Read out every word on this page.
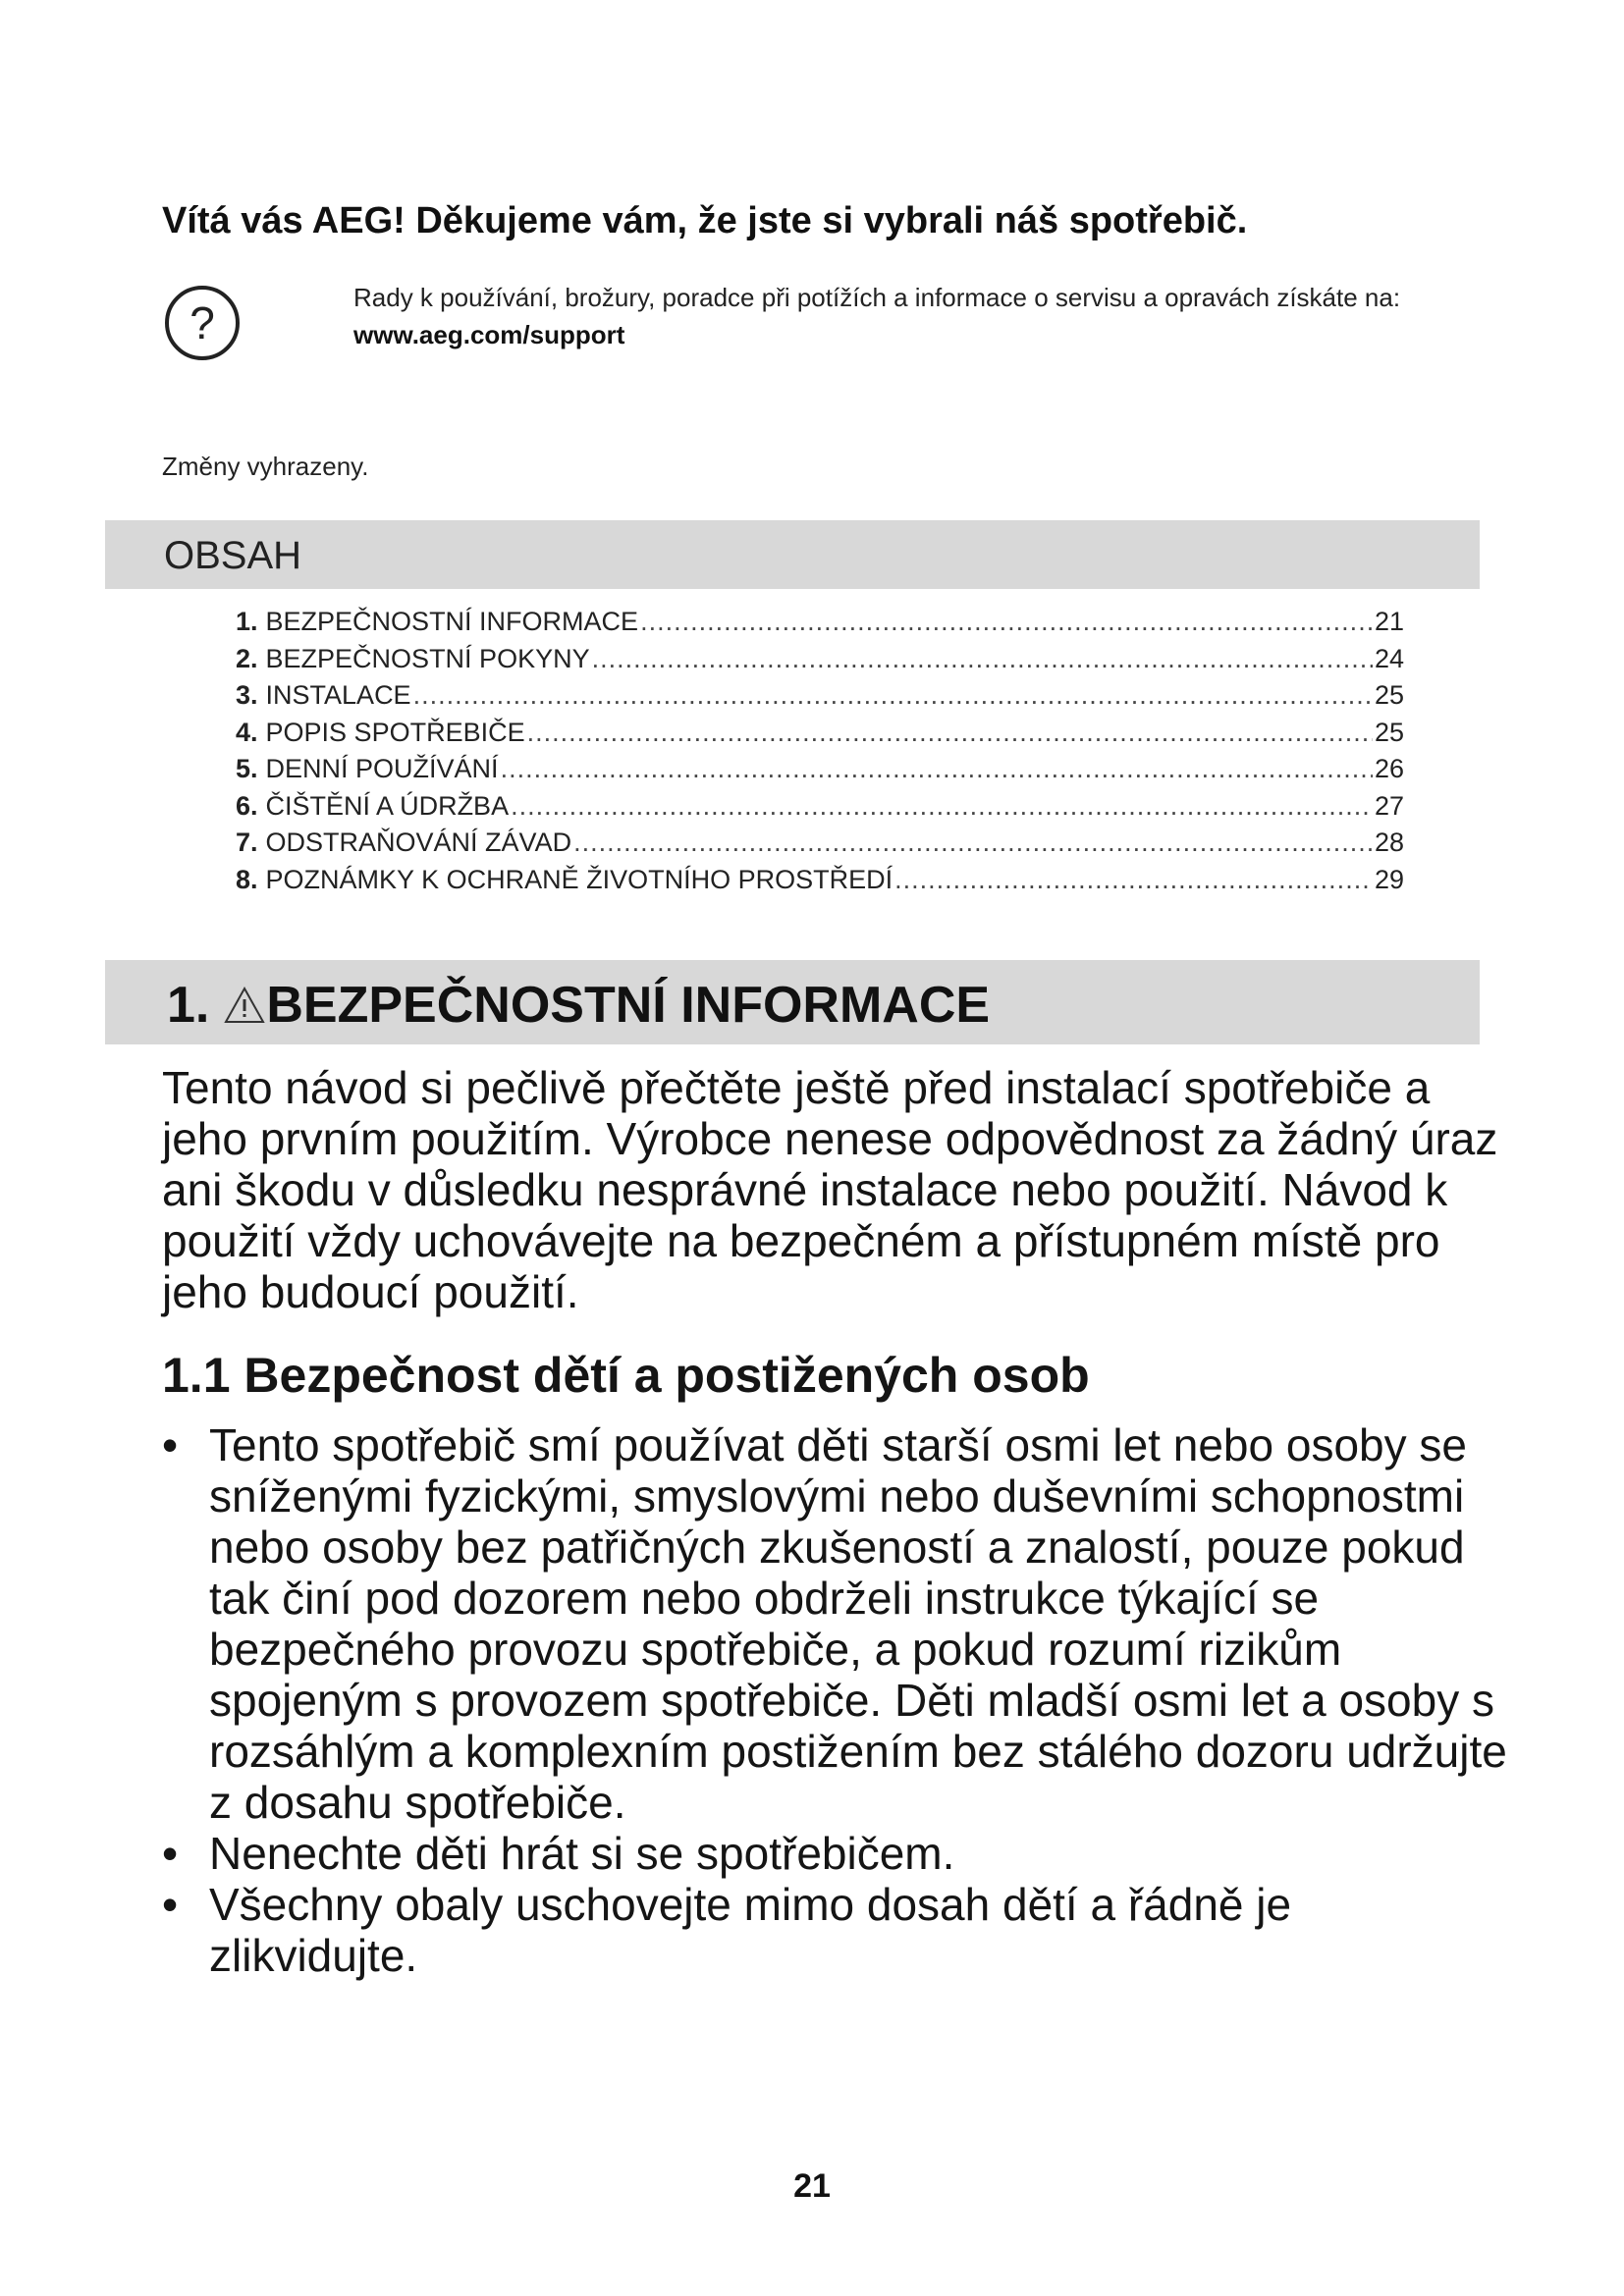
Vítá vás AEG! Děkujeme vám, že jste si vybrali náš spotřebič.
?	Rady k používání, brožury, poradce při potížích a informace o servisu a opravách získáte na:
www.aeg.com/support
Změny vyhrazeny.
OBSAH
1. BEZPEČNOSTNÍ INFORMACE .....	21
2. BEZPEČNOSTNÍ POKYNY .....	24
3. INSTALACE .....	25
4. POPIS SPOTŘEBIČE .....	25
5. DENNÍ POUŽÍVÁNÍ .....	26
6. ČIŠTĚNÍ A ÚDRŽBA .....	27
7. ODSTRAŇOVÁNÍ ZÁVAD .....	28
8. POZNÁMKY K OCHRANĚ ŽIVOTNÍHO PROSTŘEDÍ .....	29
1. BEZPEČNOSTNÍ INFORMACE
Tento návod si pečlivě přečtěte ještě před instalací spotřebiče a jeho prvním použitím. Výrobce nenese odpovědnost za žádný úraz ani škodu v důsledku nesprávné instalace nebo použití. Návod k použití vždy uchovávejte na bezpečném a přístupném místě pro jeho budoucí použití.
1.1 Bezpečnost dětí a postižených osob
• Tento spotřebič smí používat děti starší osmi let nebo osoby se sníženými fyzickými, smyslovými nebo duševními schopnostmi nebo osoby bez patřičných zkušeností a znalostí, pouze pokud tak činí pod dozorem nebo obdrželi instrukce týkající se bezpečného provozu spotřebiče, a pokud rozumí rizikům spojeným s provozem spotřebiče. Děti mladší osmi let a osoby s rozsáhlým a komplexním postižením bez stálého dozoru udržujte z dosahu spotřebiče.
• Nenechte děti hrát si se spotřebičem.
• Všechny obaly uschovejte mimo dosah dětí a řádně je zlikvidujte.
21
